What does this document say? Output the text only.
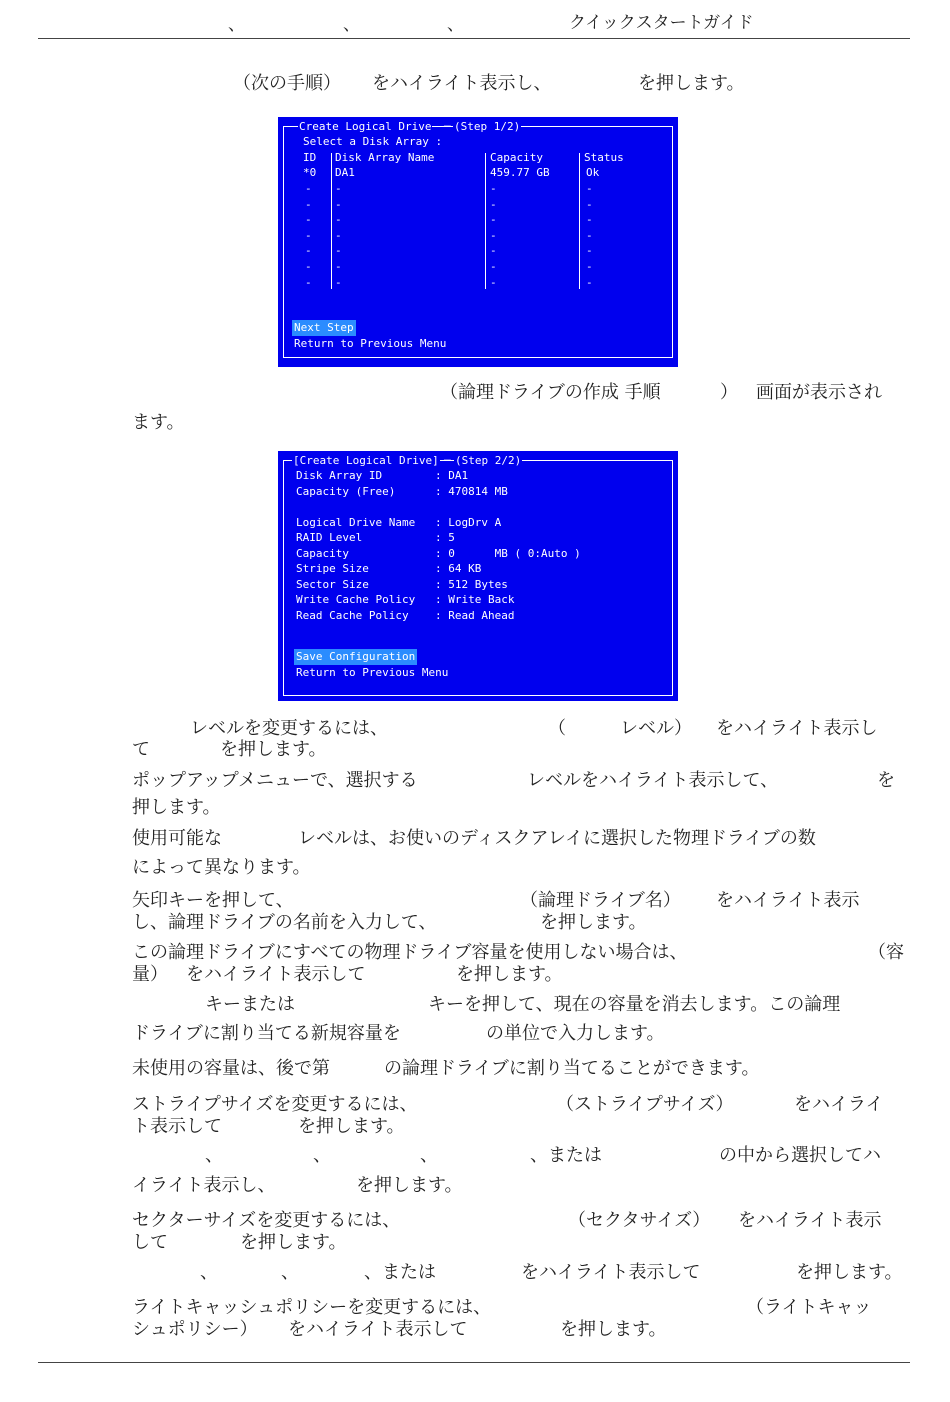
、	、	、	クイックスタートガイド
（次の手順） をハイライト表示し、	を押します。
Create Logical Drive ─ (Step 1/2)
Select a Disk Array :
ID Disk Array Name	Capacity	Status
*0 DA1	459.77 GB	Ok
- -	-	-
- -	-	-
- -	-	-
- -	-	-
- -	-	-
- -	-	-
- -	-	-
Next Step
Return to Previous Menu
（論理ドライブの作成 手順	） 画面が表示され
ます。
[Create Logical Drive] ─ (Step 2/2)
Disk Array ID	: DA1
Capacity (Free)	: 470814 MB
Logical Drive Name : LogDrv A
RAID Level	: 5
Capacity	: 0      MB ( 0:Auto )
Stripe Size	: 64 KB
Sector Size	: 512 Bytes
Write Cache Policy : Write Back
Read Cache Policy : Read Ahead
Save Configuration
Return to Previous Menu
レベルを変更するには、	（	レベル） をハイライト表示し
て	を押します。
ポップアップメニューで、選択する	レベルをハイライト表示して、	を
押します。
使用可能な	レベルは、お使いのディスクアレイに選択した物理ドライブの数
によって異なります。
矢印キーを押して、	（論理ドライブ名） をハイライト表示
し、論理ドライブの名前を入力して、	を押します。
この論理ドライブにすべての物理ドライブ容量を使用しない場合は、	（容
量） をハイライト表示して	を押します。
キーまたは	キーを押して、現在の容量を消去します。この論理
ドライブに割り当てる新規容量を	の単位で入力します。
未使用の容量は、後で第	の論理ドライブに割り当てることができます。
ストライプサイズを変更するには、	（ストライプサイズ）	をハイライ
ト表示して	を押します。
、	、	、	、または	の中から選択してハ
イライト表示し、	を押します。
セクターサイズを変更するには、	（セクタサイズ） をハイライト表示
して	を押します。
、	、	、または	をハイライト表示して	を押します。
ライトキャッシュポリシーを変更するには、	（ライトキャッ
シュポリシー） をハイライト表示して	を押します。
